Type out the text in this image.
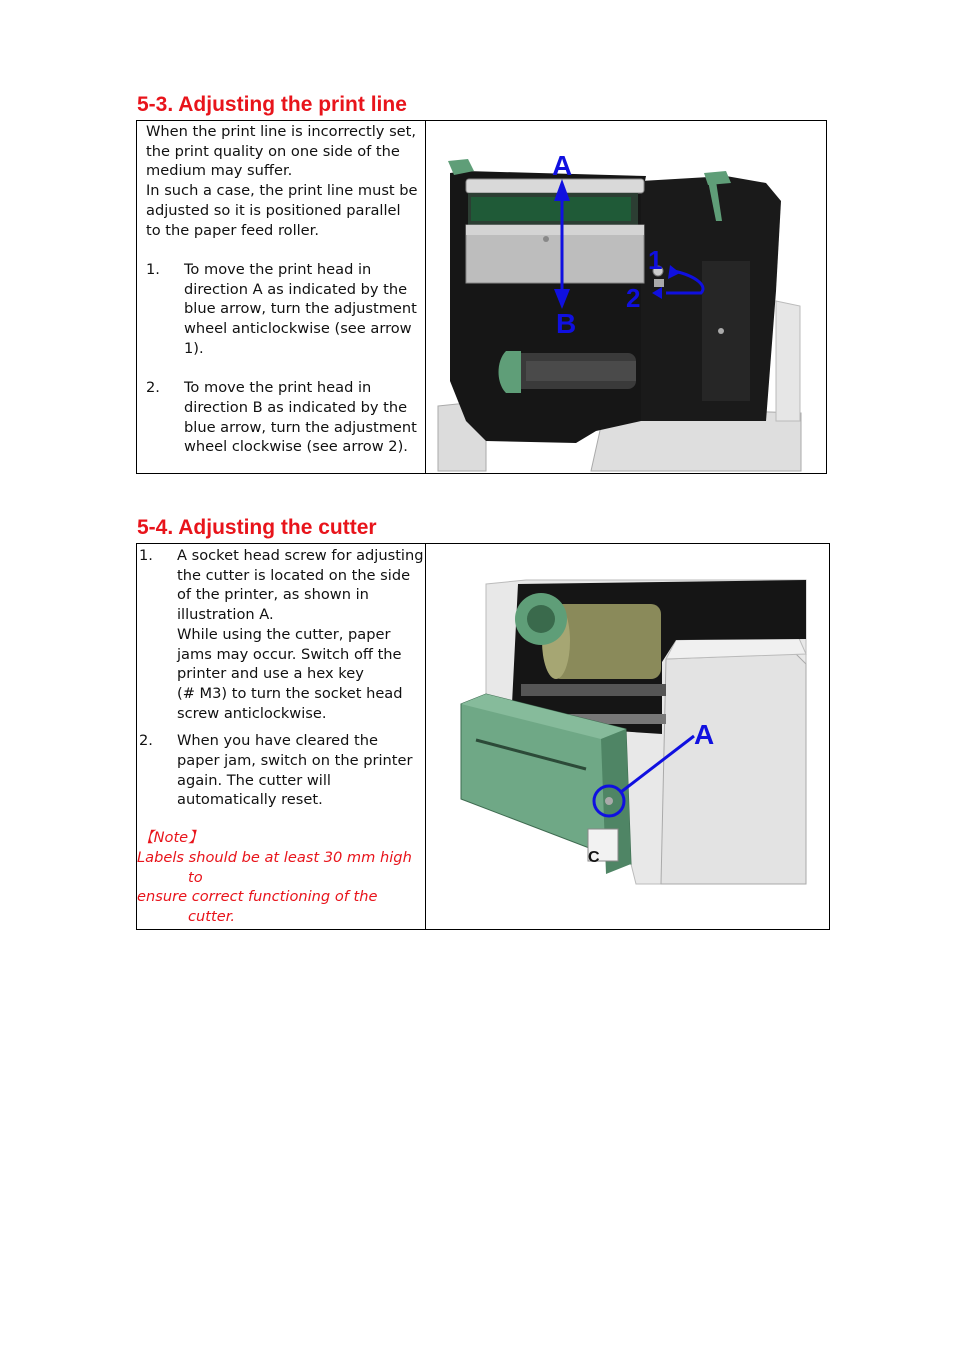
5-3. Adjusting the print line

When the print line is incorrectly set, the print quality on one side of the medium may suffer.

In such a case, the print line must be adjusted so it is positioned parallel to the paper feed roller.

1.	To move the print head in direction A as indicated by the blue arrow, turn the adjustment wheel anticlockwise (see arrow 1).
2.	To move the print head in direction B as indicated by the blue arrow, turn the adjustment wheel clockwise (see arrow 2).
A
B
1
2
5-4. Adjusting the cutter
1.	A socket head screw for adjusting the cutter is located on the side of the printer, as shown in illustration A.
While using the cutter, paper jams may occur. Switch off the printer and use a hex key
(# M3) to turn the socket head screw anticlockwise.
2.	When you have cleared the paper jam, switch on the printer again. The cutter will automatically reset.
【Note】
Labels should be at least 30 mm high
to
ensure correct functioning of the
cutter.
A
C
